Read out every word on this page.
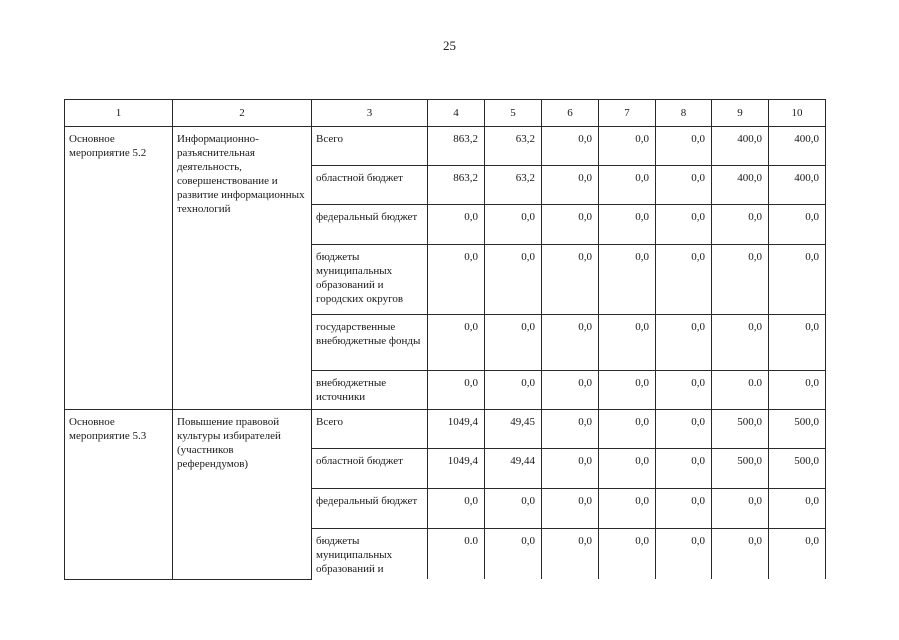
25
1	2	3	4	5	6	7	8	9	10
Основное мероприятие 5.2	Информационно-разъяснительная деятельность, совершенствование и развитие информационных технологий	Всего	863,2	63,2	0,0	0,0	0,0	400,0	400,0
		областной бюджет	863,2	63,2	0,0	0,0	0,0	400,0	400,0
		федеральный бюджет	0,0	0,0	0,0	0,0	0,0	0,0	0,0
		бюджеты муниципальных образований и городских округов	0,0	0,0	0,0	0,0	0,0	0,0	0,0
		государственные внебюджетные фонды	0,0	0,0	0,0	0,0	0,0	0,0	0,0
		внебюджетные источники	0,0	0,0	0,0	0,0	0,0	0.0	0,0
Основное мероприятие 5.3	Повышение правовой культуры избирателей (участников референдумов)	Всего	1049,4	49,45	0,0	0,0	0,0	500,0	500,0
		областной бюджет	1049,4	49,44	0,0	0,0	0,0	500,0	500,0
		федеральный бюджет	0,0	0,0	0,0	0,0	0,0	0,0	0,0
		бюджеты муниципальных образований и	0.0	0,0	0,0	0,0	0,0	0,0	0,0
